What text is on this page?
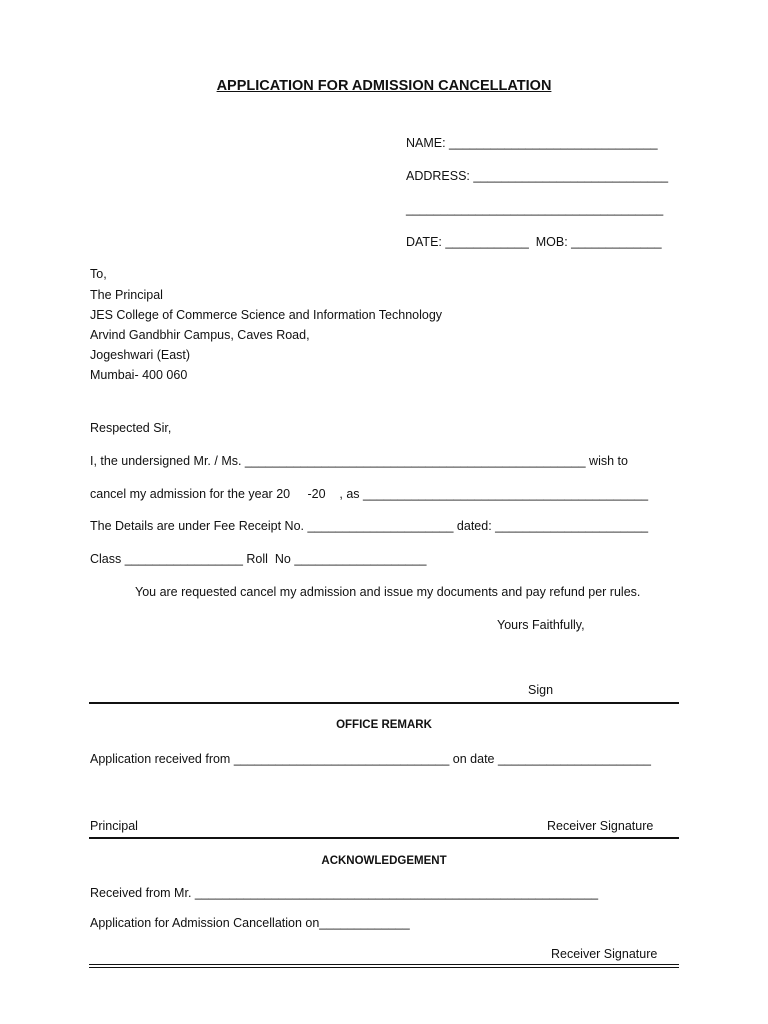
APPLICATION FOR ADMISSION CANCELLATION
NAME: ______________________________
ADDRESS: ____________________________
_____________________________________
DATE: ____________  MOB: _____________
To,
The Principal
JES College of Commerce Science and Information Technology
Arvind Gandbhir Campus, Caves Road,
Jogeshwari (East)
Mumbai- 400 060
Respected Sir,
I, the undersigned Mr. / Ms. _________________________________________________ wish to
cancel my admission for the year 20     -20    , as _________________________________________
The Details are under Fee Receipt No. _____________________ dated: ______________________
Class _________________ Roll  No ___________________
You are requested cancel my admission and issue my documents and pay refund per rules.
Yours Faithfully,
Sign
OFFICE REMARK
Application received from _______________________________ on date ______________________
Principal	Receiver Signature
ACKNOWLEDGEMENT
Received from Mr. __________________________________________________________
Application for Admission Cancellation on_____________
Receiver Signature
